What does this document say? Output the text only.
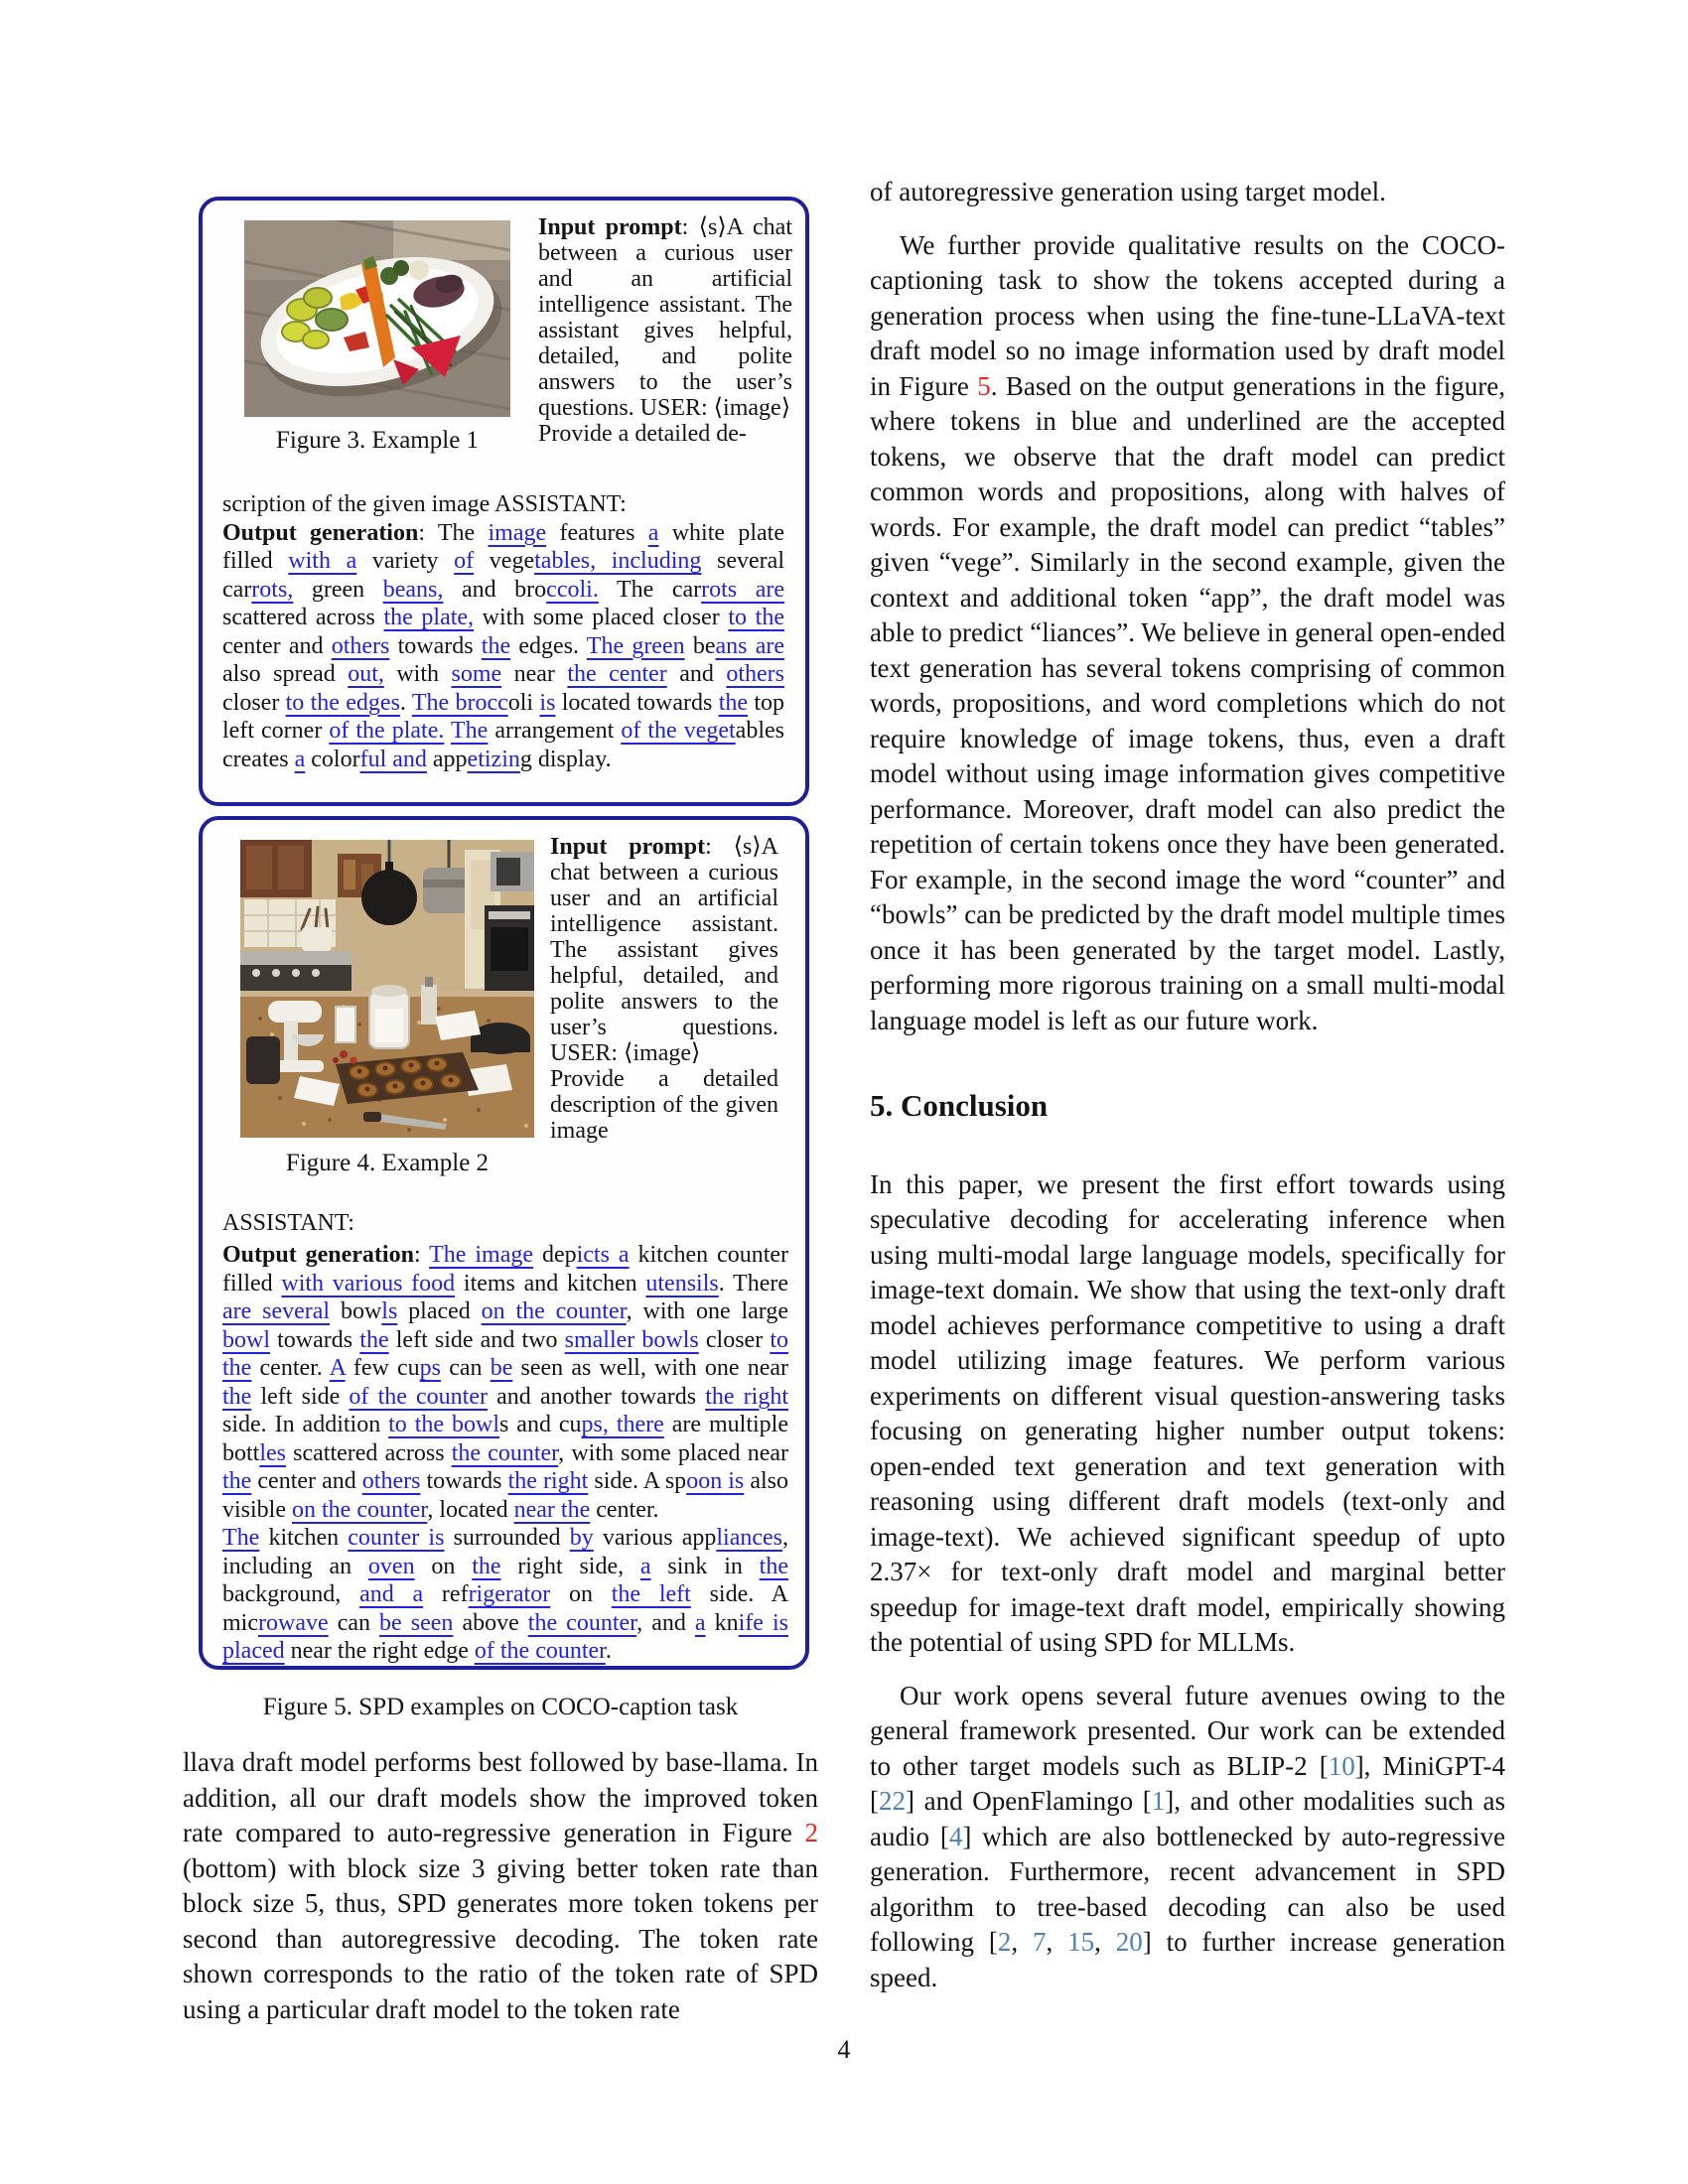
Figure 3. Example 1
Input prompt: ⟨s⟩A chat between a curious user and an artificial intelligence assistant. The assistant gives helpful, detailed, and polite answers to the user’s questions. USER: ⟨image⟩
Provide a detailed de-
scription of the given image ASSISTANT:
Output generation: The image features a white plate filled with a variety of vegetables, including several carrots, green beans, and broccoli. The carrots are scattered across the plate, with some placed closer to the center and others towards the edges. The green beans are also spread out, with some near the center and others closer to the edges. The broccoli is located towards the top left corner of the plate. The arrangement of the vegetables creates a colorful and appetizing display.
Figure 4. Example 2
Input prompt: ⟨s⟩A chat between a curious user and an artificial intelligence assistant. The assistant gives helpful, detailed, and polite answers to the user’s questions. USER: ⟨image⟩
Provide a detailed description of the given image
ASSISTANT:
Output generation: The image depicts a kitchen counter filled with various food items and kitchen utensils. There are several bowls placed on the counter, with one large bowl towards the left side and two smaller bowls closer to the center. A few cups can be seen as well, with one near the left side of the counter and another towards the right side. In addition to the bowls and cups, there are multiple bottles scattered across the counter, with some placed near the center and others towards the right side. A spoon is also visible on the counter, located near the center.
The kitchen counter is surrounded by various appliances, including an oven on the right side, a sink in the background, and a refrigerator on the left side. A microwave can be seen above the counter, and a knife is placed near the right edge of the counter.
Figure 5. SPD examples on COCO-caption task
llava draft model performs best followed by base-llama. In addition, all our draft models show the improved token rate compared to auto-regressive generation in Figure 2 (bottom) with block size 3 giving better token rate than block size 5, thus, SPD generates more token tokens per second than autoregressive decoding. The token rate shown corresponds to the ratio of the token rate of SPD using a particular draft model to the token rate

of autoregressive generation using target model.

We further provide qualitative results on the COCO-captioning task to show the tokens accepted during a generation process when using the fine-tune-LLaVA-text draft model so no image information used by draft model in Figure 5. Based on the output generations in the figure, where tokens in blue and underlined are the accepted tokens, we observe that the draft model can predict common words and propositions, along with halves of words. For example, the draft model can predict “tables” given “vege”. Similarly in the second example, given the context and additional token “app”, the draft model was able to predict “liances”. We believe in general open-ended text generation has several tokens comprising of common words, propositions, and word completions which do not require knowledge of image tokens, thus, even a draft model without using image information gives competitive performance. Moreover, draft model can also predict the repetition of certain tokens once they have been generated. For example, in the second image the word “counter” and “bowls” can be predicted by the draft model multiple times once it has been generated by the target model. Lastly, performing more rigorous training on a small multi-modal language model is left as our future work.

5. Conclusion

In this paper, we present the first effort towards using speculative decoding for accelerating inference when using multi-modal large language models, specifically for image-text domain. We show that using the text-only draft model achieves performance competitive to using a draft model utilizing image features. We perform various experiments on different visual question-answering tasks focusing on generating higher number output tokens: open-ended text generation and text generation with reasoning using different draft models (text-only and image-text). We achieved significant speedup of upto 2.37× for text-only draft model and marginal better speedup for image-text draft model, empirically showing the potential of using SPD for MLLMs.

Our work opens several future avenues owing to the general framework presented. Our work can be extended to other target models such as BLIP-2 [10], MiniGPT-4 [22] and OpenFlamingo [1], and other modalities such as audio [4] which are also bottlenecked by auto-regressive generation. Furthermore, recent advancement in SPD algorithm to tree-based decoding can also be used following [2, 7, 15, 20] to further increase generation speed.

4
